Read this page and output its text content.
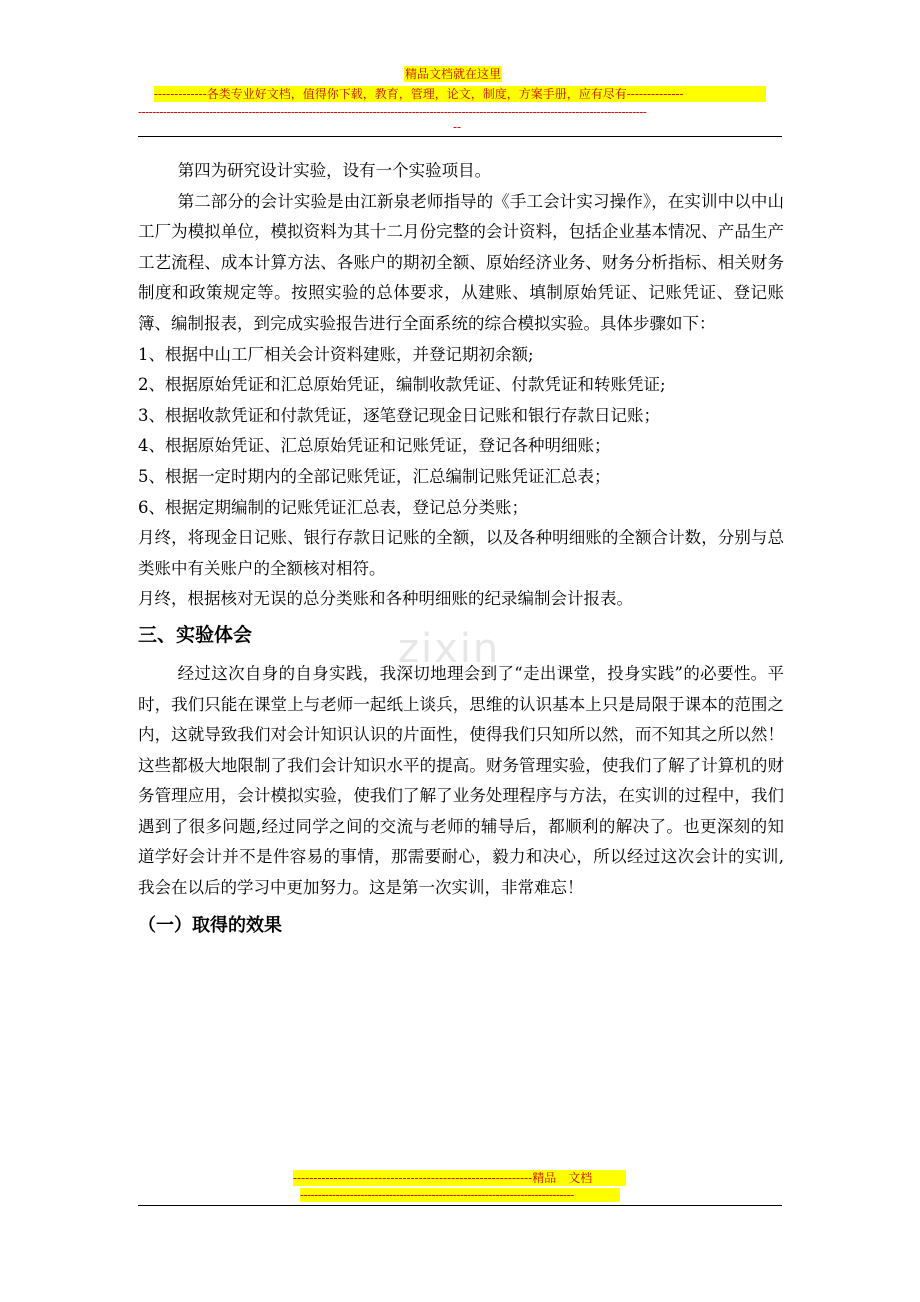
精品文档就在这里
-------------各类专业好文档，值得你下载，教育，管理，论文，制度，方案手册，应有尽有--------------
-----------------------------------------------------------------------------------------------------------------------------------------------
--
zixin

第四为研究设计实验，设有一个实验项目。

第二部分的会计实验是由江新泉老师指导的《手工会计实习操作》，在实训中以中山工厂为模拟单位，模拟资料为其十二月份完整的会计资料，包括企业基本情况、产品生产工艺流程、成本计算方法、各账户的期初全额、原始经济业务、财务分析指标、相关财务制度和政策规定等。按照实验的总体要求，从建账、填制原始凭证、记账凭证、登记账簿、编制报表，到完成实验报告进行全面系统的综合模拟实验。具体步骤如下：

1、根据中山工厂相关会计资料建账，并登记期初余额;

2、根据原始凭证和汇总原始凭证，编制收款凭证、付款凭证和转账凭证;

3、根据收款凭证和付款凭证，逐笔登记现金日记账和银行存款日记账；

4、根据原始凭证、汇总原始凭证和记账凭证，登记各种明细账；

5、根据一定时期内的全部记账凭证，汇总编制记账凭证汇总表；

6、根据定期编制的记账凭证汇总表，登记总分类账；

月终，将现金日记账、银行存款日记账的全额，以及各种明细账的全额合计数，分别与总类账中有关账户的全额核对相符。

月终，根据核对无误的总分类账和各种明细账的纪录编制会计报表。

三、实验体会

经过这次自身的自身实践，我深切地理会到了“走出课堂，投身实践”的必要性。平时，我们只能在课堂上与老师一起纸上谈兵，思维的认识基本上只是局限于课本的范围之内，这就导致我们对会计知识认识的片面性，使得我们只知所以然，而不知其之所以然！这些都极大地限制了我们会计知识水平的提高。财务管理实验，使我们了解了计算机的财务管理应用，会计模拟实验，使我们了解了业务处理程序与方法，在实训的过程中，我们遇到了很多问题,经过同学之间的交流与老师的辅导后，都顺利的解决了。也更深刻的知道学好会计并不是件容易的事情，那需要耐心，毅力和决心，所以经过这次会计的实训,我会在以后的学习中更加努力。这是第一次实训，非常难忘！

（一）取得的效果
-----------------------------------------------------------精品　文档
-----------------------------------------------------------------------------
